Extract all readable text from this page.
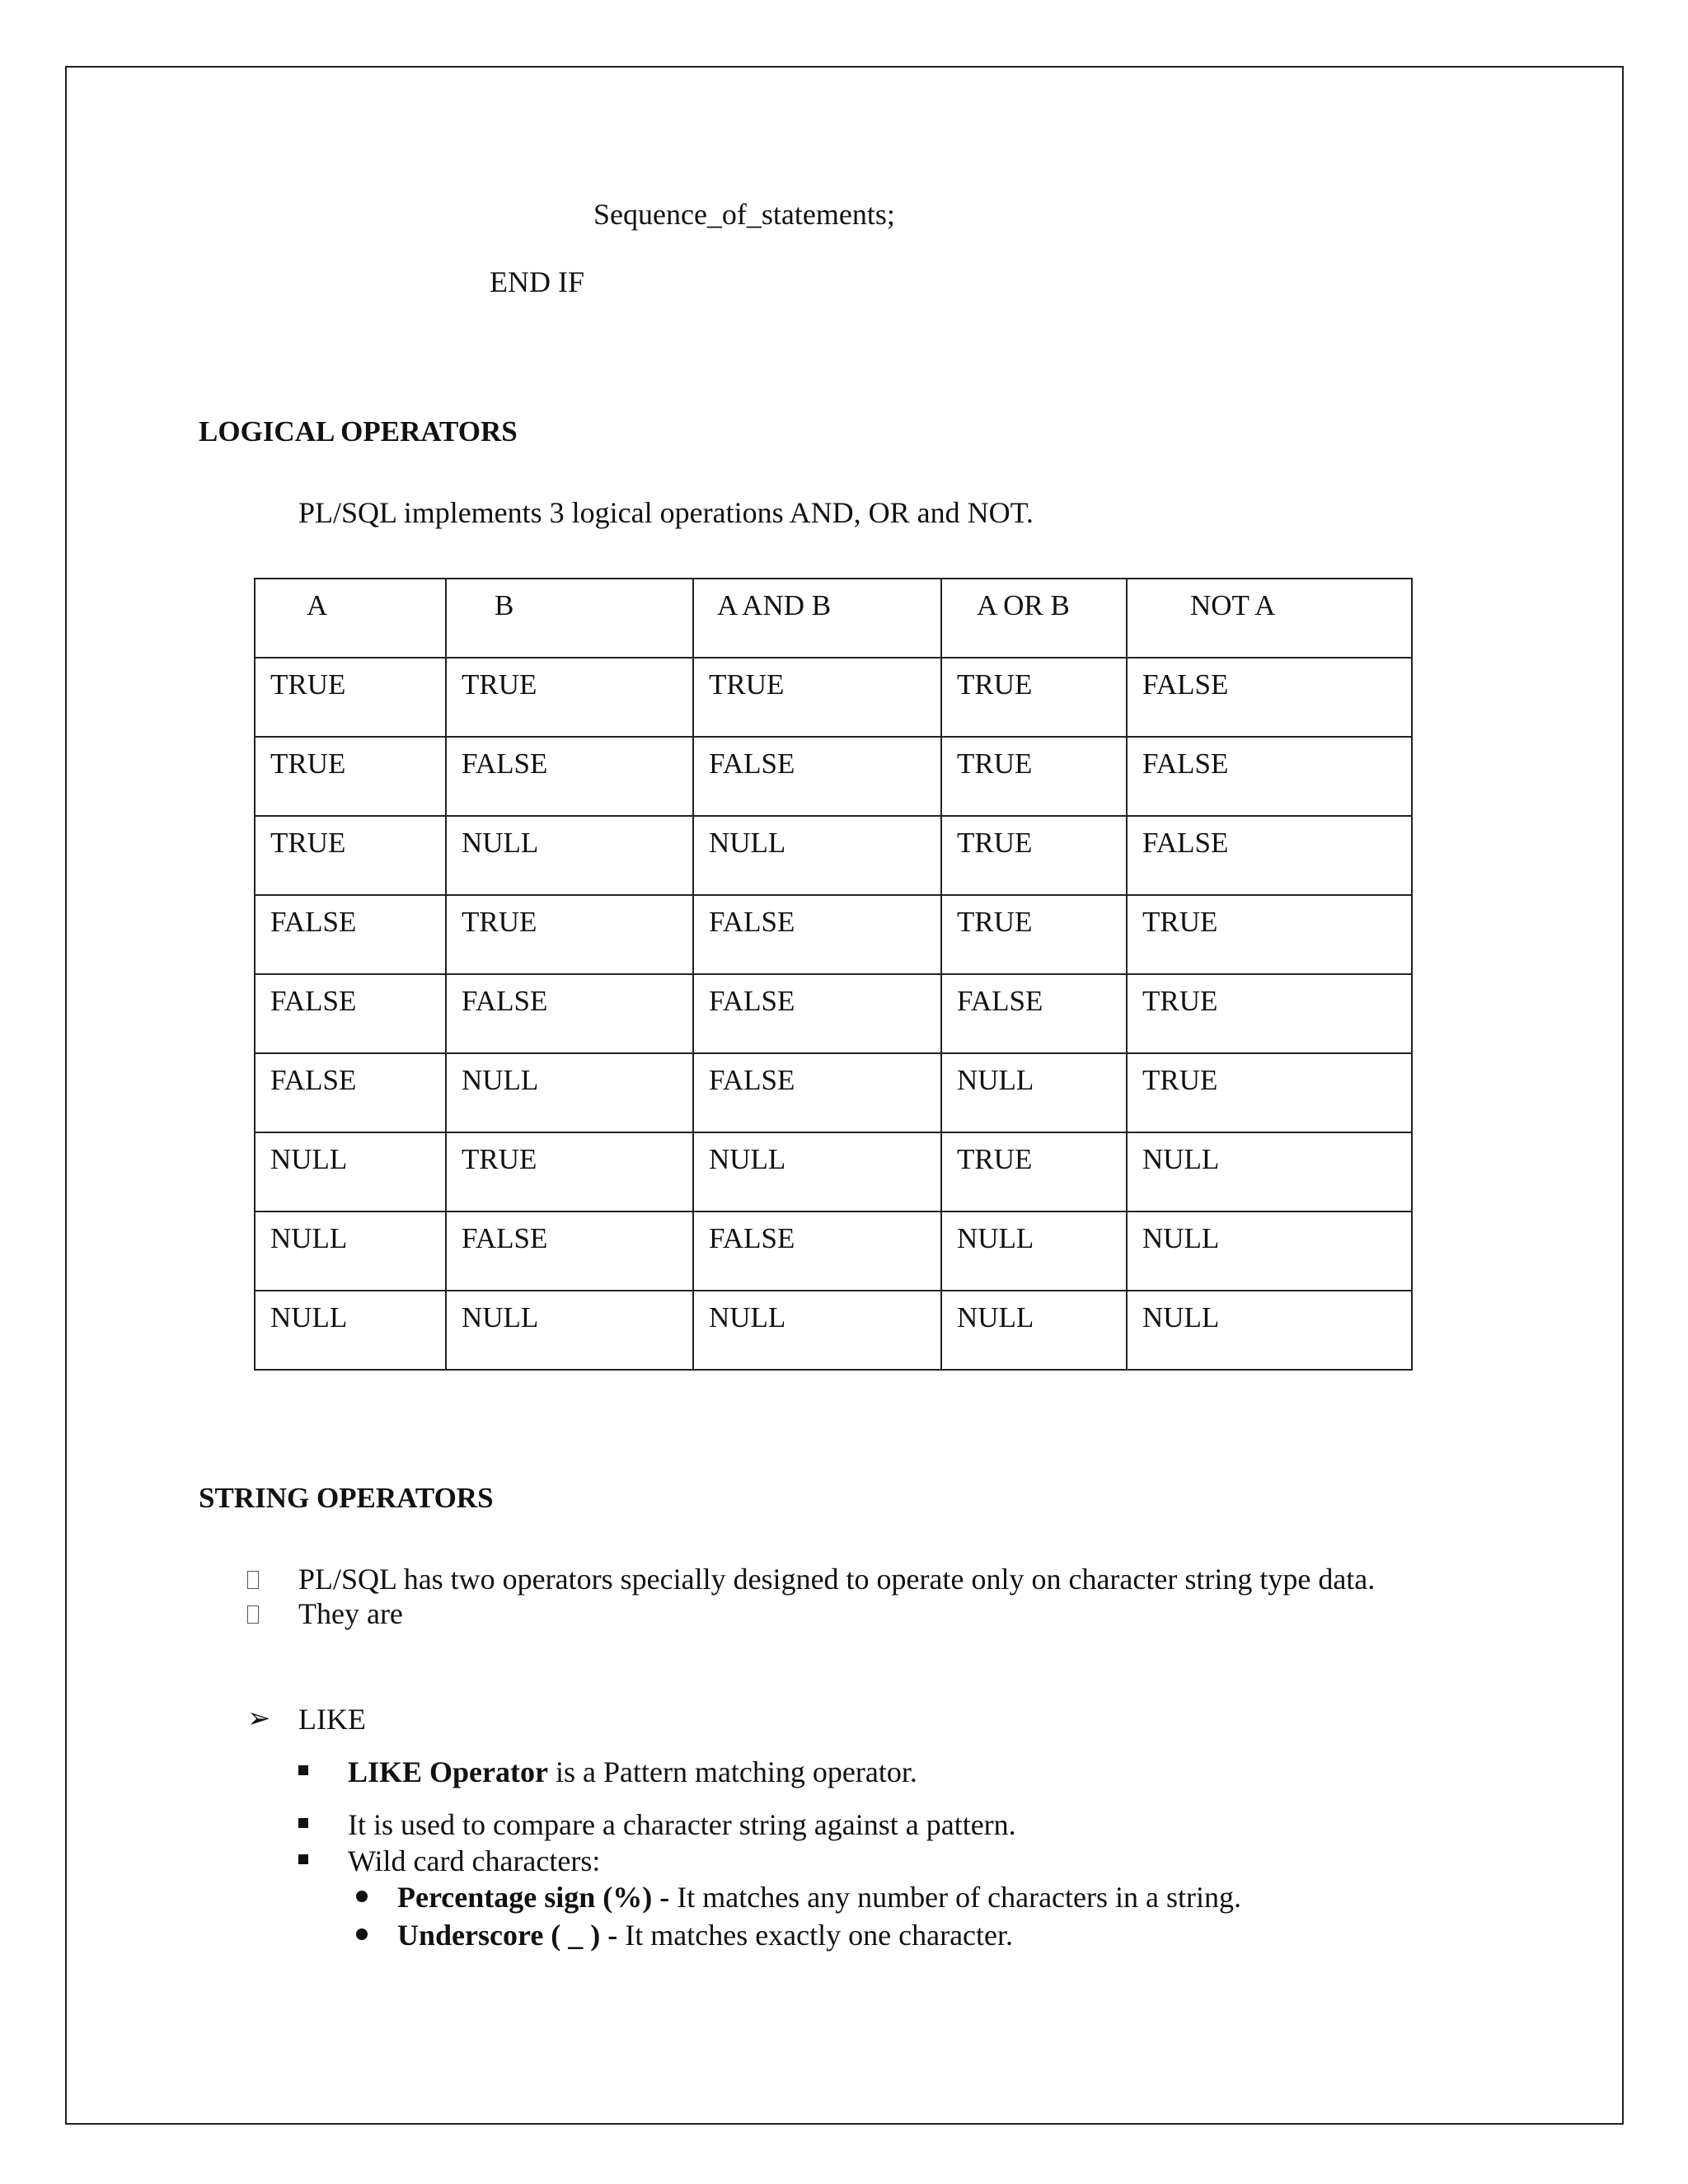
Sequence_of_statements;
END IF
LOGICAL OPERATORS
PL/SQL implements 3 logical operations AND, OR and NOT.
A	B	A AND B	A OR B	NOT A
TRUE	TRUE	TRUE	TRUE	FALSE
TRUE	FALSE	FALSE	TRUE	FALSE
TRUE	NULL	NULL	TRUE	FALSE
FALSE	TRUE	FALSE	TRUE	TRUE
FALSE	FALSE	FALSE	FALSE	TRUE
FALSE	NULL	FALSE	NULL	TRUE
NULL	TRUE	NULL	TRUE	NULL
NULL	FALSE	FALSE	NULL	NULL
NULL	NULL	NULL	NULL	NULL
STRING OPERATORS
PL/SQL has two operators specially designed to operate only on character string type data.
They are
➢ LIKE
LIKE Operator is a Pattern matching operator.
It is used to compare a character string against a pattern.
Wild card characters:
Percentage sign (%) - It matches any number of characters in a string.
Underscore ( _ ) - It matches exactly one character.
